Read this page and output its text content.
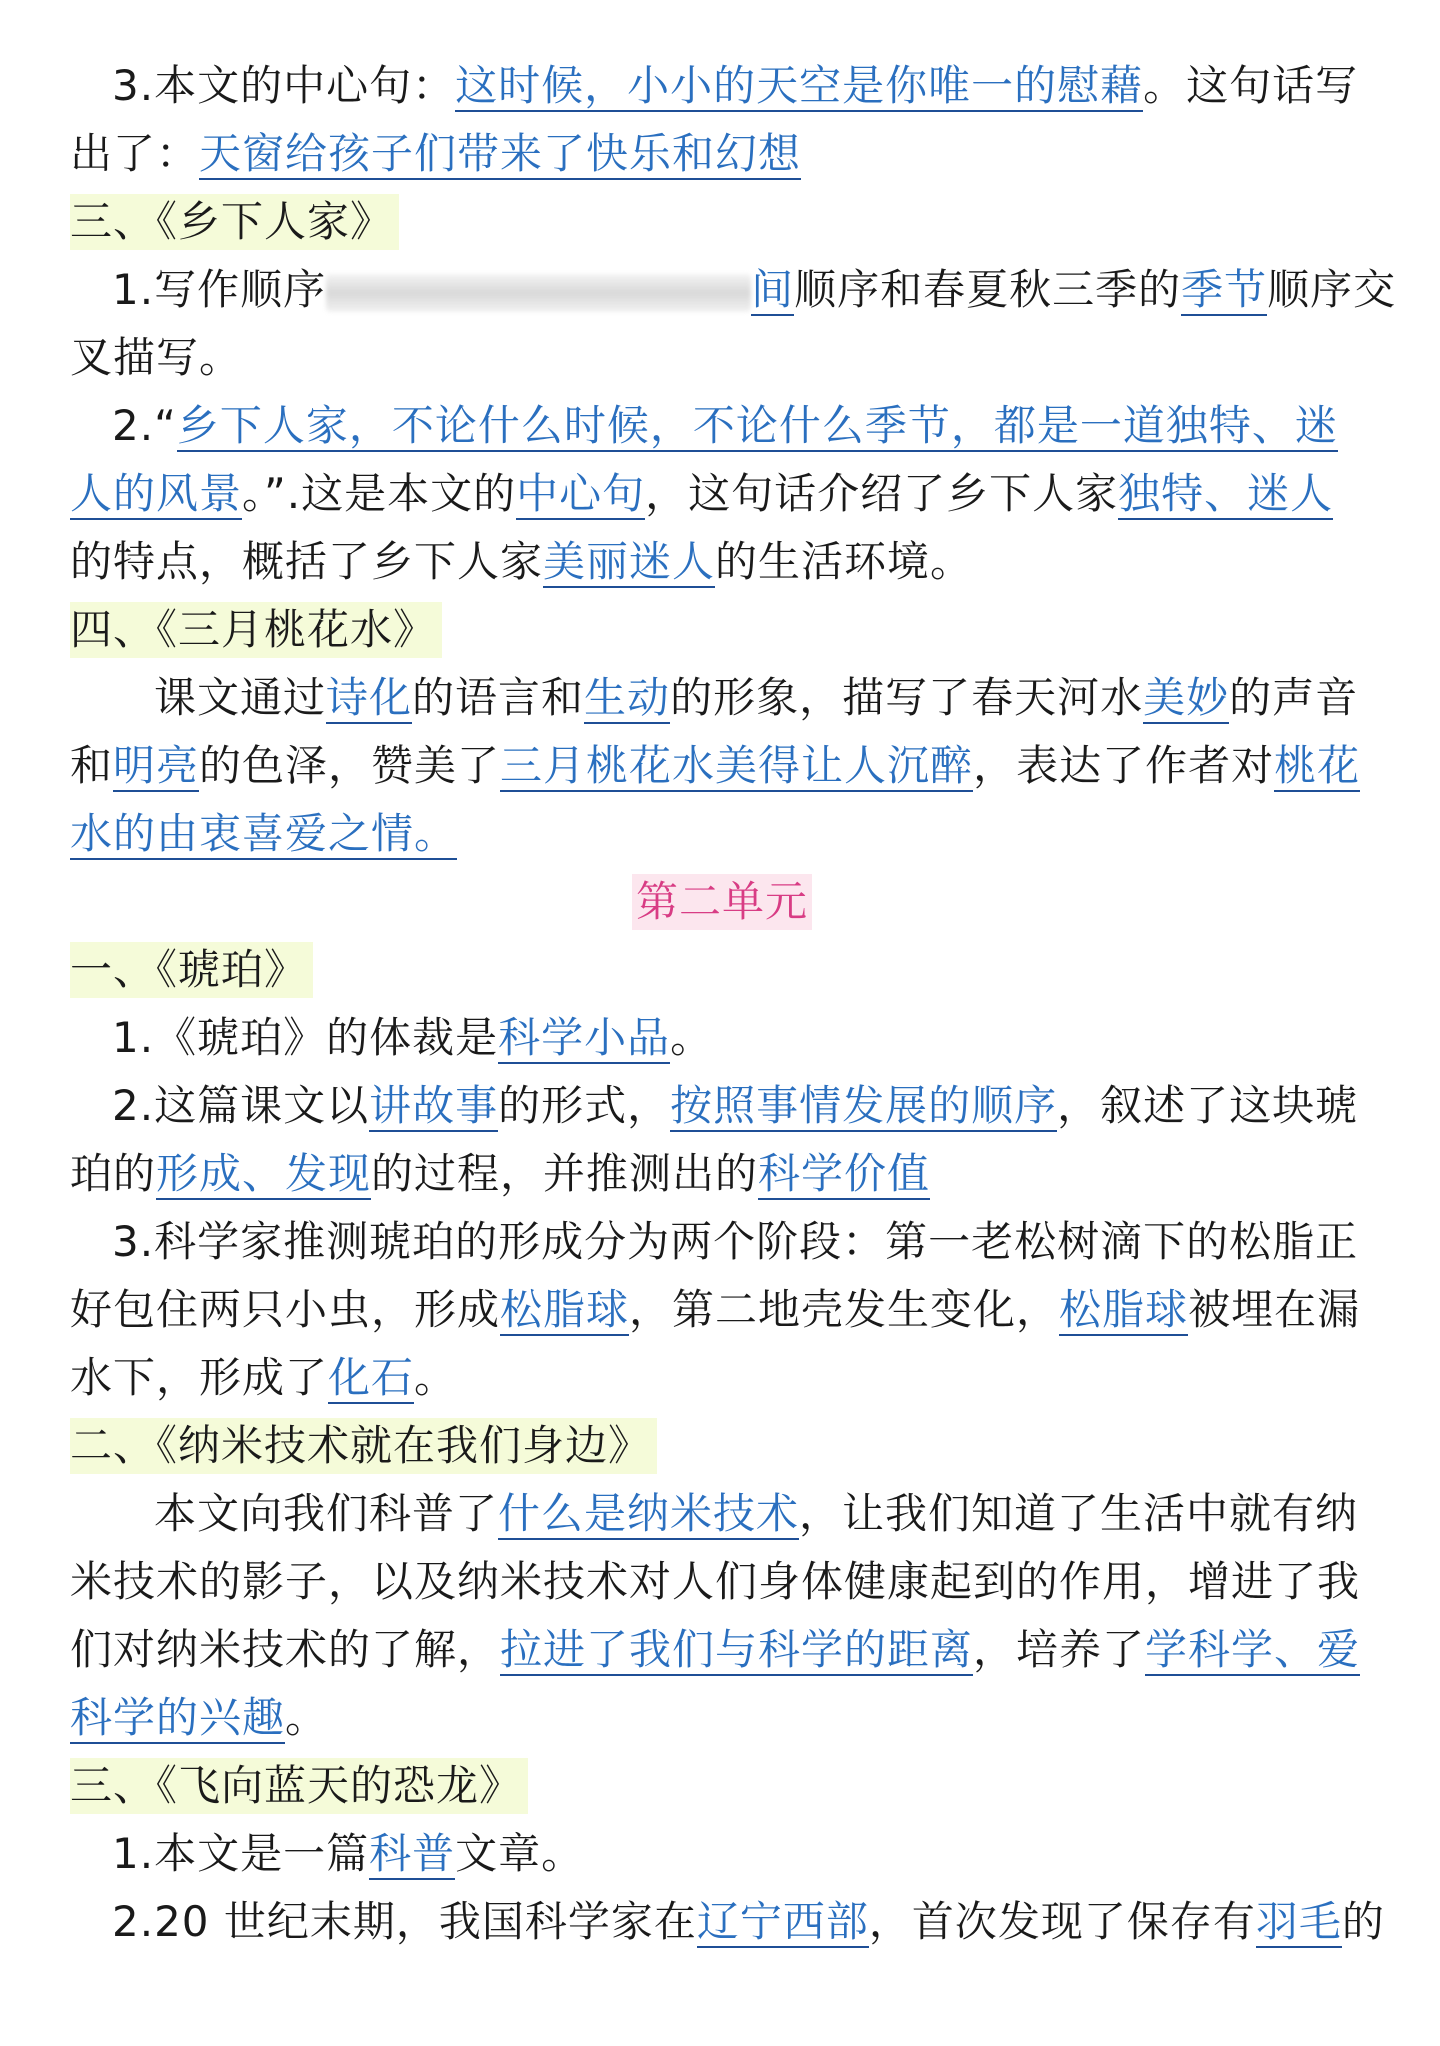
3.本文的中心句：这时候，小小的天空是你唯一的慰藉。这句话写
出了：天窗给孩子们带来了快乐和幻想
三、《乡下人家》
1.写作顺序	间顺序和春夏秋三季的季节顺序交
叉描写。
2.“乡下人家，不论什么时候，不论什么季节，都是一道独特、迷
人的风景。”.这是本文的中心句，这句话介绍了乡下人家独特、迷人
的特点，概括了乡下人家美丽迷人的生活环境。
四、《三月桃花水》
课文通过诗化的语言和生动的形象，描写了春天河水美妙的声音
和明亮的色泽，赞美了三月桃花水美得让人沉醉，表达了作者对桃花
水的由衷喜爱之情。
第二单元
一、《琥珀》
1.《琥珀》的体裁是科学小品。
2.这篇课文以讲故事的形式，按照事情发展的顺序，叙述了这块琥
珀的形成、发现的过程，并推测出的科学价值
3.科学家推测琥珀的形成分为两个阶段：第一老松树滴下的松脂正
好包住两只小虫，形成松脂球，第二地壳发生变化，松脂球被埋在漏
水下，形成了化石。
二、《纳米技术就在我们身边》
本文向我们科普了什么是纳米技术，让我们知道了生活中就有纳
米技术的影子，以及纳米技术对人们身体健康起到的作用，增进了我
们对纳米技术的了解，拉进了我们与科学的距离，培养了学科学、爱
科学的兴趣。
三、《飞向蓝天的恐龙》
1.本文是一篇科普文章。
2.20 世纪末期，我国科学家在辽宁西部，首次发现了保存有羽毛的
